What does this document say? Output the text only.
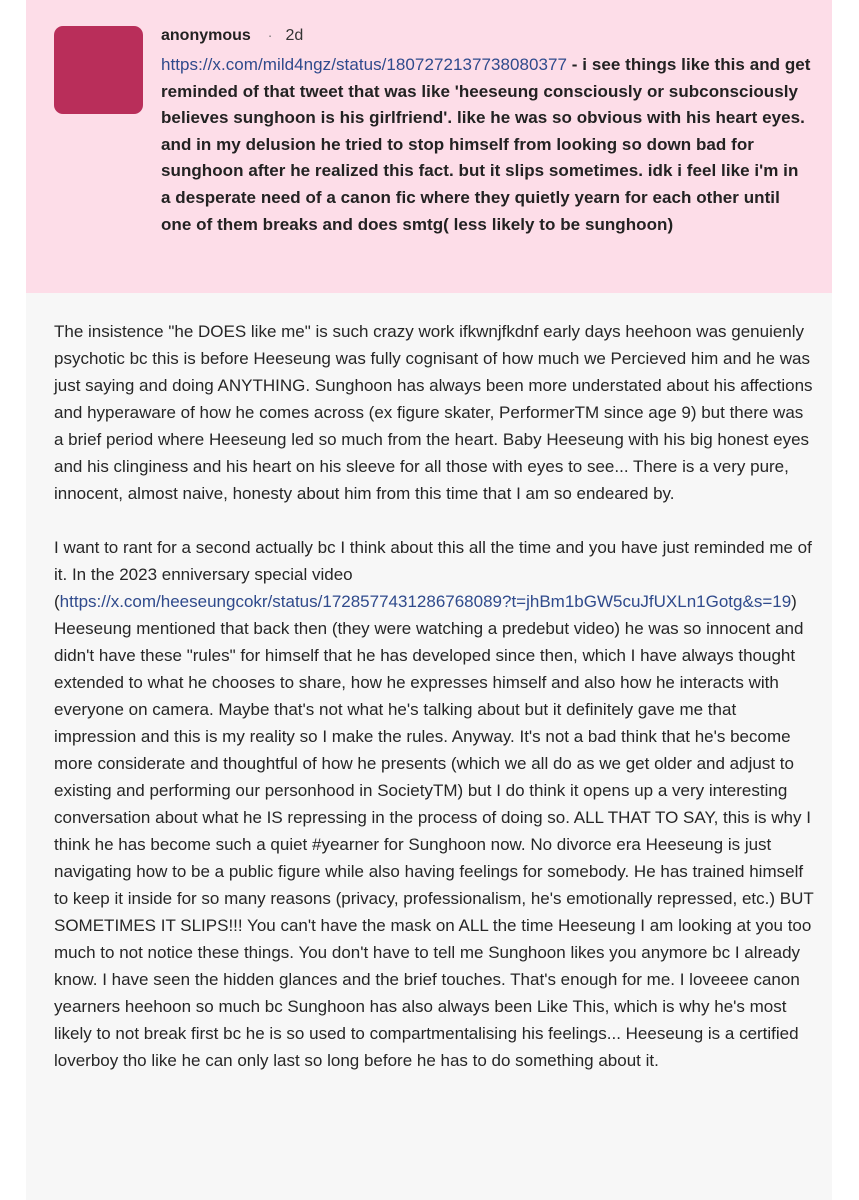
anonymous · 2d
https://x.com/mild4ngz/status/1807272137738080377 - i see things like this and get reminded of that tweet that was like 'heeseung consciously or subconsciously believes sunghoon is his girlfriend'. like he was so obvious with his heart eyes. and in my delusion he tried to stop himself from looking so down bad for sunghoon after he realized this fact. but it slips sometimes. idk i feel like i'm in a desperate need of a canon fic where they quietly yearn for each other until one of them breaks and does smtg( less likely to be sunghoon)

The insistence "he DOES like me" is such crazy work ifkwnjfkdnf early days heehoon was genuienly psychotic bc this is before Heeseung was fully cognisant of how much we Percieved him and he was just saying and doing ANYTHING. Sunghoon has always been more understated about his affections and hyperaware of how he comes across (ex figure skater, PerformerTM since age 9) but there was a brief period where Heeseung led so much from the heart. Baby Heeseung with his big honest eyes and his clinginess and his heart on his sleeve for all those with eyes to see... There is a very pure, innocent, almost naive, honesty about him from this time that I am so endeared by.

I want to rant for a second actually bc I think about this all the time and you have just reminded me of it. In the 2023 enniversary special video (https://x.com/heeseungcokr/status/1728577431286768089?t=jhBm1bGW5cuJfUXLn1Gotg&s=19) Heeseung mentioned that back then (they were watching a predebut video) he was so innocent and didn't have these "rules" for himself that he has developed since then, which I have always thought extended to what he chooses to share, how he expresses himself and also how he interacts with everyone on camera. Maybe that's not what he's talking about but it definitely gave me that impression and this is my reality so I make the rules. Anyway. It's not a bad think that he's become more considerate and thoughtful of how he presents (which we all do as we get older and adjust to existing and performing our personhood in SocietyTM) but I do think it opens up a very interesting conversation about what he IS repressing in the process of doing so. ALL THAT TO SAY, this is why I think he has become such a quiet #yearner for Sunghoon now. No divorce era Heeseung is just navigating how to be a public figure while also having feelings for somebody. He has trained himself to keep it inside for so many reasons (privacy, professionalism, he's emotionally repressed, etc.) BUT SOMETIMES IT SLIPS!!! You can't have the mask on ALL the time Heeseung I am looking at you too much to not notice these things. You don't have to tell me Sunghoon likes you anymore bc I already know. I have seen the hidden glances and the brief touches. That's enough for me. I loveeee canon yearners heehoon so much bc Sunghoon has also always been Like This, which is why he's most likely to not break first bc he is so used to compartmentalising his feelings... Heeseung is a certified loverboy tho like he can only last so long before he has to do something about it.
